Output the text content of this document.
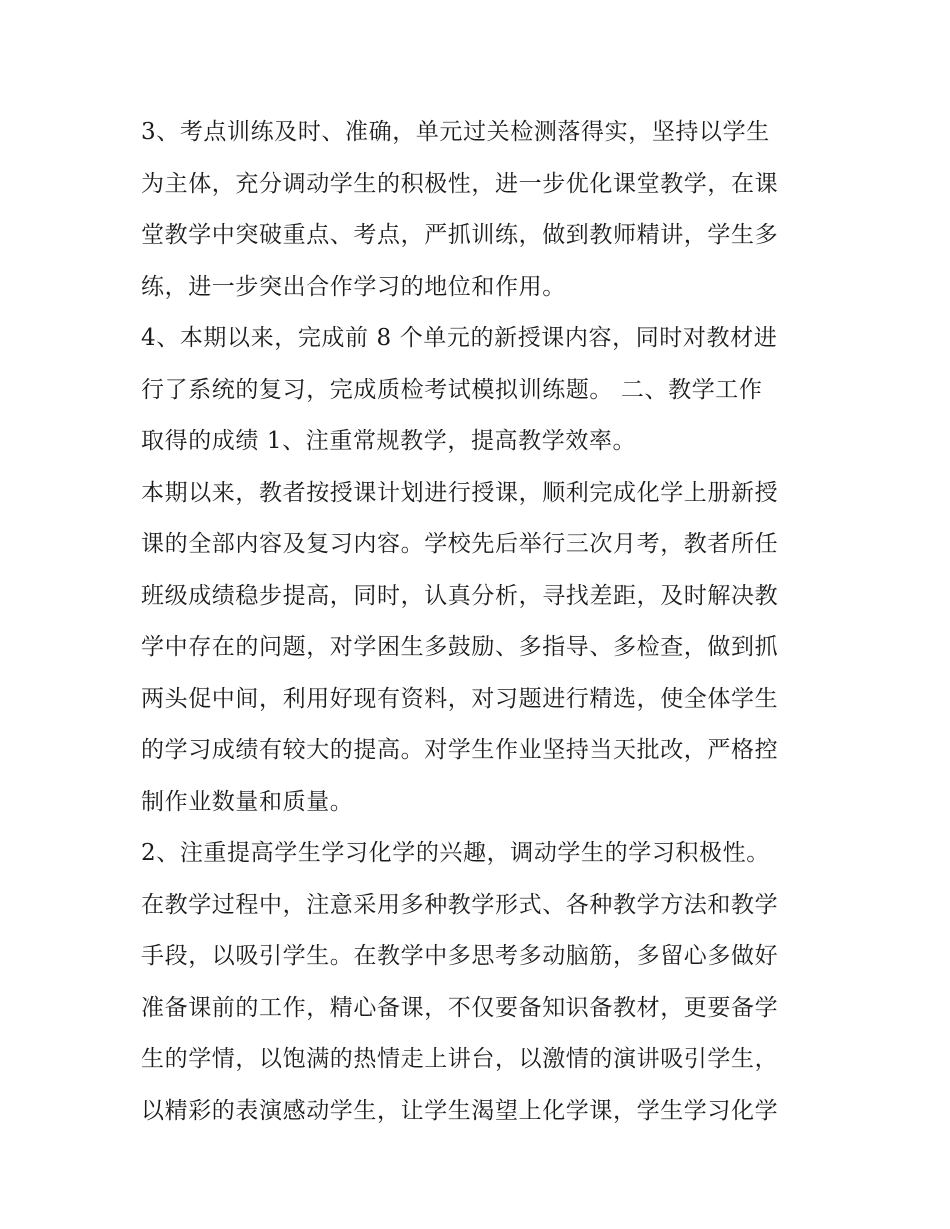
3、考点训练及时、准确，单元过关检测落得实，坚持以学生
为主体，充分调动学生的积极性，进一步优化课堂教学，在课
堂教学中突破重点、考点，严抓训练，做到教师精讲，学生多
练，进一步突出合作学习的地位和作用。
4、本期以来，完成前 8 个单元的新授课内容，同时对教材进
行了系统的复习，完成质检考试模拟训练题。 二、教学工作
取得的成绩 1、注重常规教学，提高教学效率。
本期以来，教者按授课计划进行授课，顺利完成化学上册新授
课的全部内容及复习内容。学校先后举行三次月考，教者所任
班级成绩稳步提高，同时，认真分析，寻找差距，及时解决教
学中存在的问题，对学困生多鼓励、多指导、多检查，做到抓
两头促中间，利用好现有资料，对习题进行精选，使全体学生
的学习成绩有较大的提高。对学生作业坚持当天批改，严格控
制作业数量和质量。
2、注重提高学生学习化学的兴趣，调动学生的学习积极性。
在教学过程中，注意采用多种教学形式、各种教学方法和教学
手段，以吸引学生。在教学中多思考多动脑筋，多留心多做好
准备课前的工作，精心备课，不仅要备知识备教材，更要备学
生的学情，以饱满的热情走上讲台，以激情的演讲吸引学生，
以精彩的表演感动学生，让学生渴望上化学课，学生学习化学
